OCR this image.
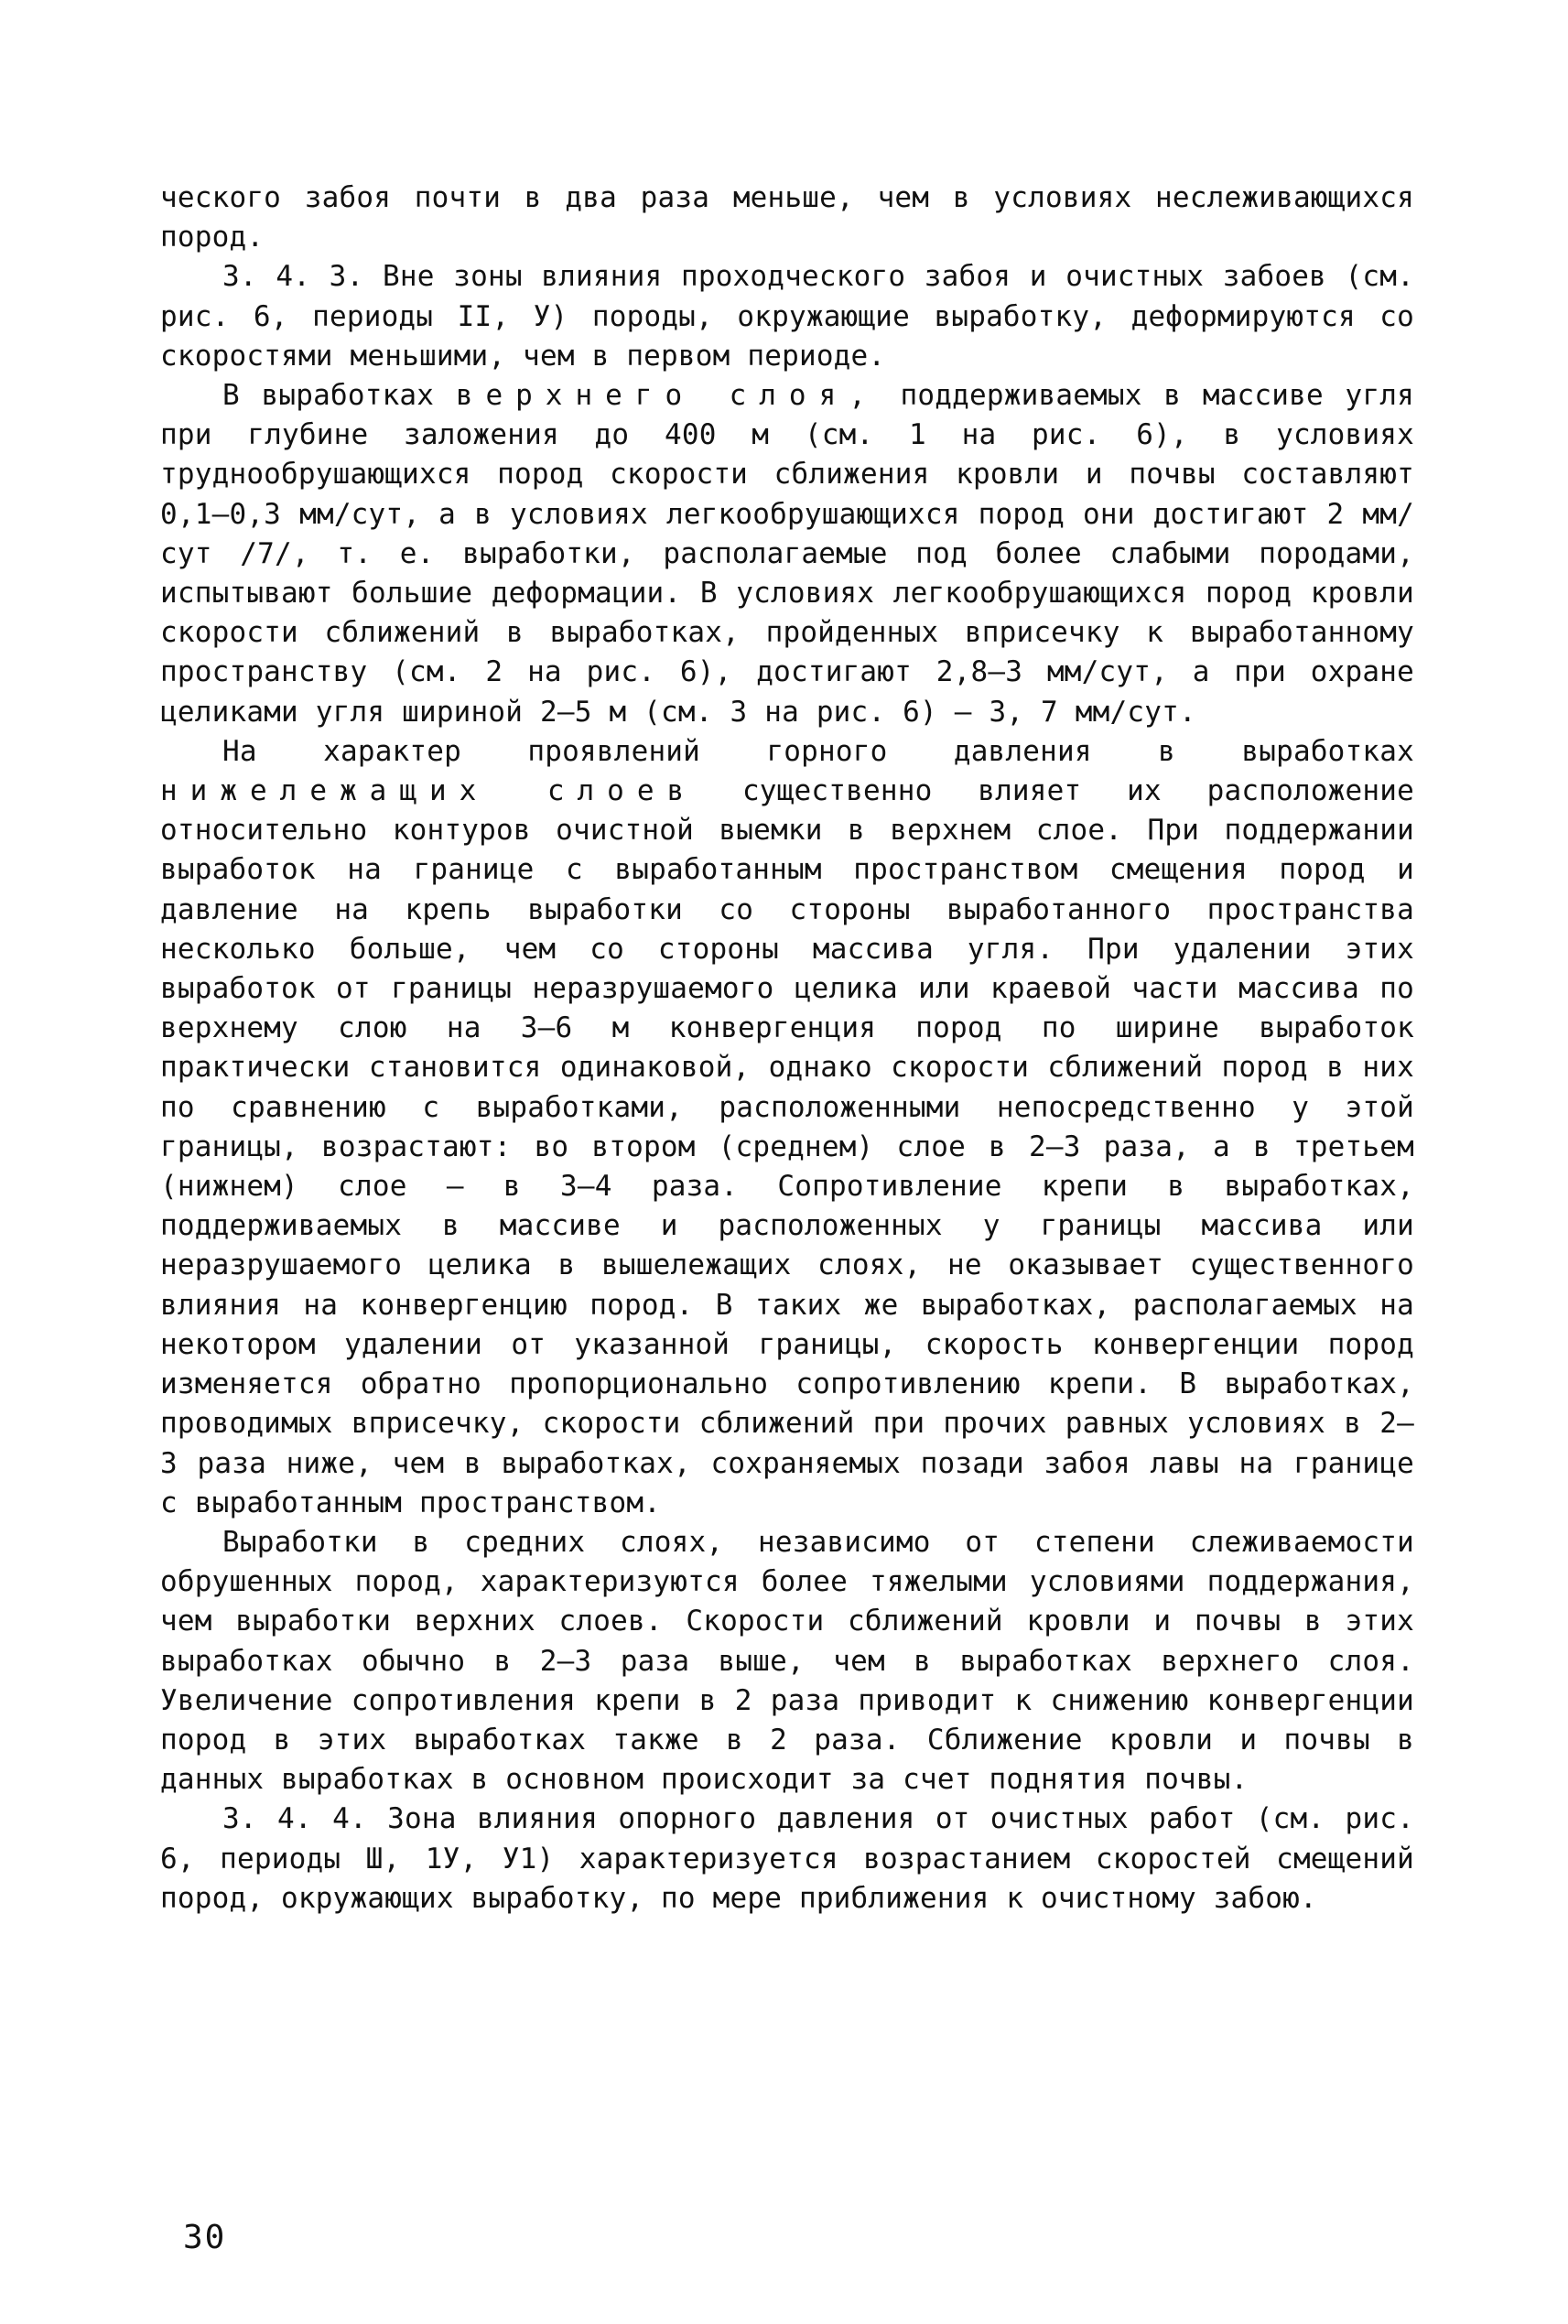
ческого забоя почти в два раза меньше, чем в условиях неслеживающихся пород.

3. 4. 3. Вне зоны влияния проходческого забоя и очистных забоев (см. рис. 6, периоды II, У) породы, окружающие выработку, деформируются со скоростями меньшими, чем в первом периоде.

В выработках верхнего слоя, поддерживаемых в массиве угля при глубине заложения до 400 м (см. 1 на рис. 6), в условиях труднообрушающихся пород скорости сближения кровли и почвы составляют 0,1–0,3 мм/сут, а в условиях легкообрушающихся пород они достигают 2 мм/сут /7/, т. е. выработки, располагаемые под более слабыми породами, испытывают большие деформации. В условиях легкообрушающихся пород кровли скорости сближений в выработках, пройденных вприсечку к выработанному пространству (см. 2 на рис. 6), достигают 2,8–3 мм/сут, а при охране целиками угля шириной 2–5 м (см. 3 на рис. 6) – 3, 7 мм/сут.

На характер проявлений горного давления в выработках нижележащих слоев существенно влияет их расположение относительно контуров очистной выемки в верхнем слое. При поддержании выработок на границе с выработанным пространством смещения пород и давление на крепь выработки со стороны выработанного пространства несколько больше, чем со стороны массива угля. При удалении этих выработок от границы неразрушаемого целика или краевой части массива по верхнему слою на 3–6 м конвергенция пород по ширине выработок практически становится одинаковой, однако скорости сближений пород в них по сравнению с выработками, расположенными непосредственно у этой границы, возрастают: во втором (среднем) слое в 2–3 раза, а в третьем (нижнем) слое – в 3–4 раза. Сопротивление крепи в выработках, поддерживаемых в массиве и расположенных у границы массива или неразрушаемого целика в вышележащих слоях, не оказывает существенного влияния на конвергенцию пород. В таких же выработках, располагаемых на некотором удалении от указанной границы, скорость конвергенции пород изменяется обратно пропорционально сопротивлению крепи. В выработках, проводимых вприсечку, скорости сближений при прочих равных условиях в 2–3 раза ниже, чем в выработках, сохраняемых позади забоя лавы на границе с выработанным пространством.

Выработки в средних слоях, независимо от степени слеживаемости обрушенных пород, характеризуются более тяжелыми условиями поддержания, чем выработки верхних слоев. Скорости сближений кровли и почвы в этих выработках обычно в 2–3 раза выше, чем в выработках верхнего слоя. Увеличение сопротивления крепи в 2 раза приводит к снижению конвергенции пород в этих выработках также в 2 раза. Сближение кровли и почвы в данных выработках в основном происходит за счет поднятия почвы.

3. 4. 4. Зона влияния опорного давления от очистных работ (см. рис. 6, периоды Ш, 1У, У1) характеризуется возрастанием скоростей смещений пород, окружающих выработку, по мере приближения к очистному забою.

30
